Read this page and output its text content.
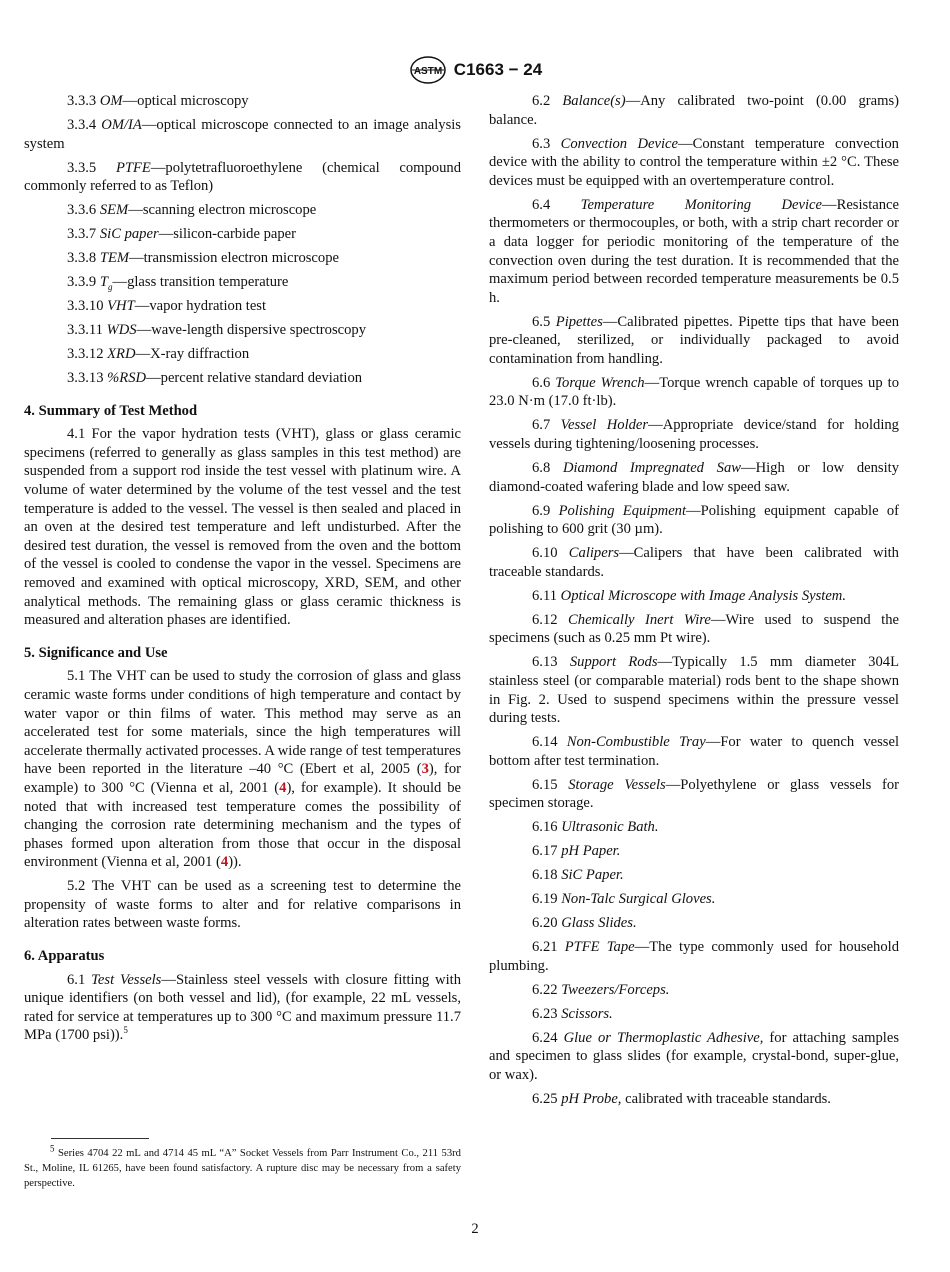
ASTM C1663 − 24

3.3.3 OM—optical microscopy

3.3.4 OM/IA—optical microscope connected to an image analysis system

3.3.5 PTFE—polytetrafluoroethylene (chemical compound commonly referred to as Teflon)

3.3.6 SEM—scanning electron microscope

3.3.7 SiC paper—silicon-carbide paper

3.3.8 TEM—transmission electron microscope

3.3.9 $T_g—glass$ transition temperature

3.3.10 VHT—vapor hydration test

3.3.11 WDS—wave-length dispersive spectroscopy

3.3.12 XRD—X-ray diffraction

3.3.13 %RSD—percent relative standard deviation

4. Summary of Test Method

4.1 For the vapor hydration tests (VHT), glass or glass ceramic specimens (referred to generally as glass samples in this test method) are suspended from a support rod inside the test vessel with platinum wire. A volume of water determined by the volume of the test vessel and the test temperature is added to the vessel. The vessel is then sealed and placed in an oven at the desired test temperature and left undisturbed. After the desired test duration, the vessel is removed from the oven and the bottom of the vessel is cooled to condense the vapor in the vessel. Specimens are removed and examined with optical microscopy, XRD, SEM, and other analytical methods. The remaining glass or glass ceramic thickness is measured and alteration phases are identified.

5. Significance and Use

5.1 The VHT can be used to study the corrosion of glass and glass ceramic waste forms under conditions of high temperature and contact by water vapor or thin films of water. This method may serve as an accelerated test for some materials, since the high temperatures will accelerate thermally activated processes. A wide range of test temperatures have been reported in the literature –40 °C (Ebert et al, 2005 (3), for example) to 300 °C (Vienna et al, 2001 (4), for example). It should be noted that with increased test temperature comes the possibility of changing the corrosion rate determining mechanism and the types of phases formed upon alteration from those that occur in the disposal environment (Vienna et al, 2001 (4)).

5.2 The VHT can be used as a screening test to determine the propensity of waste forms to alter and for relative comparisons in alteration rates between waste forms.

6. Apparatus

6.1 Test Vessels—Stainless steel vessels with closure fitting with unique identifiers (on both vessel and lid), (for example, 22 mL vessels, rated for service at temperatures up to 300 °C and maximum pressure 11.7 MPa (1700 psi)).$^5$

$^5$ Series 4704 22 mL and 4714 45 mL “A” Socket Vessels from Parr Instrument Co., 211 53rd St., Moline, IL 61265, have been found satisfactory. A rupture disc may be necessary from a safety perspective.

6.2 Balance(s)—Any calibrated two-point (0.00 grams) balance.

6.3 Convection Device—Constant temperature convection device with the ability to control the temperature within ±2 °C. These devices must be equipped with an overtemperature control.

6.4 Temperature Monitoring Device—Resistance thermometers or thermocouples, or both, with a strip chart recorder or a data logger for periodic monitoring of the temperature of the convection oven during the test duration. It is recommended that the maximum period between recorded temperature measurements be 0.5 h.

6.5 Pipettes—Calibrated pipettes. Pipette tips that have been pre-cleaned, sterilized, or individually packaged to avoid contamination from handling.

6.6 Torque Wrench—Torque wrench capable of torques up to 23.0 N·m (17.0 ft·lb).

6.7 Vessel Holder—Appropriate device/stand for holding vessels during tightening/loosening processes.

6.8 Diamond Impregnated Saw—High or low density diamond-coated wafering blade and low speed saw.

6.9 Polishing Equipment—Polishing equipment capable of polishing to 600 grit (30 µm).

6.10 Calipers—Calipers that have been calibrated with traceable standards.

6.11 Optical Microscope with Image Analysis System.

6.12 Chemically Inert Wire—Wire used to suspend the specimens (such as 0.25 mm Pt wire).

6.13 Support Rods—Typically 1.5 mm diameter 304L stainless steel (or comparable material) rods bent to the shape shown in Fig. 2. Used to suspend specimens within the pressure vessel during tests.

6.14 Non-Combustible Tray—For water to quench vessel bottom after test termination.

6.15 Storage Vessels—Polyethylene or glass vessels for specimen storage.

6.16 Ultrasonic Bath.

6.17 pH Paper.

6.18 SiC Paper.

6.19 Non-Talc Surgical Gloves.

6.20 Glass Slides.

6.21 PTFE Tape—The type commonly used for household plumbing.

6.22 Tweezers/Forceps.

6.23 Scissors.

6.24 Glue or Thermoplastic Adhesive, for attaching samples and specimen to glass slides (for example, crystal-bond, super-glue, or wax).

6.25 pH Probe, calibrated with traceable standards.

2
